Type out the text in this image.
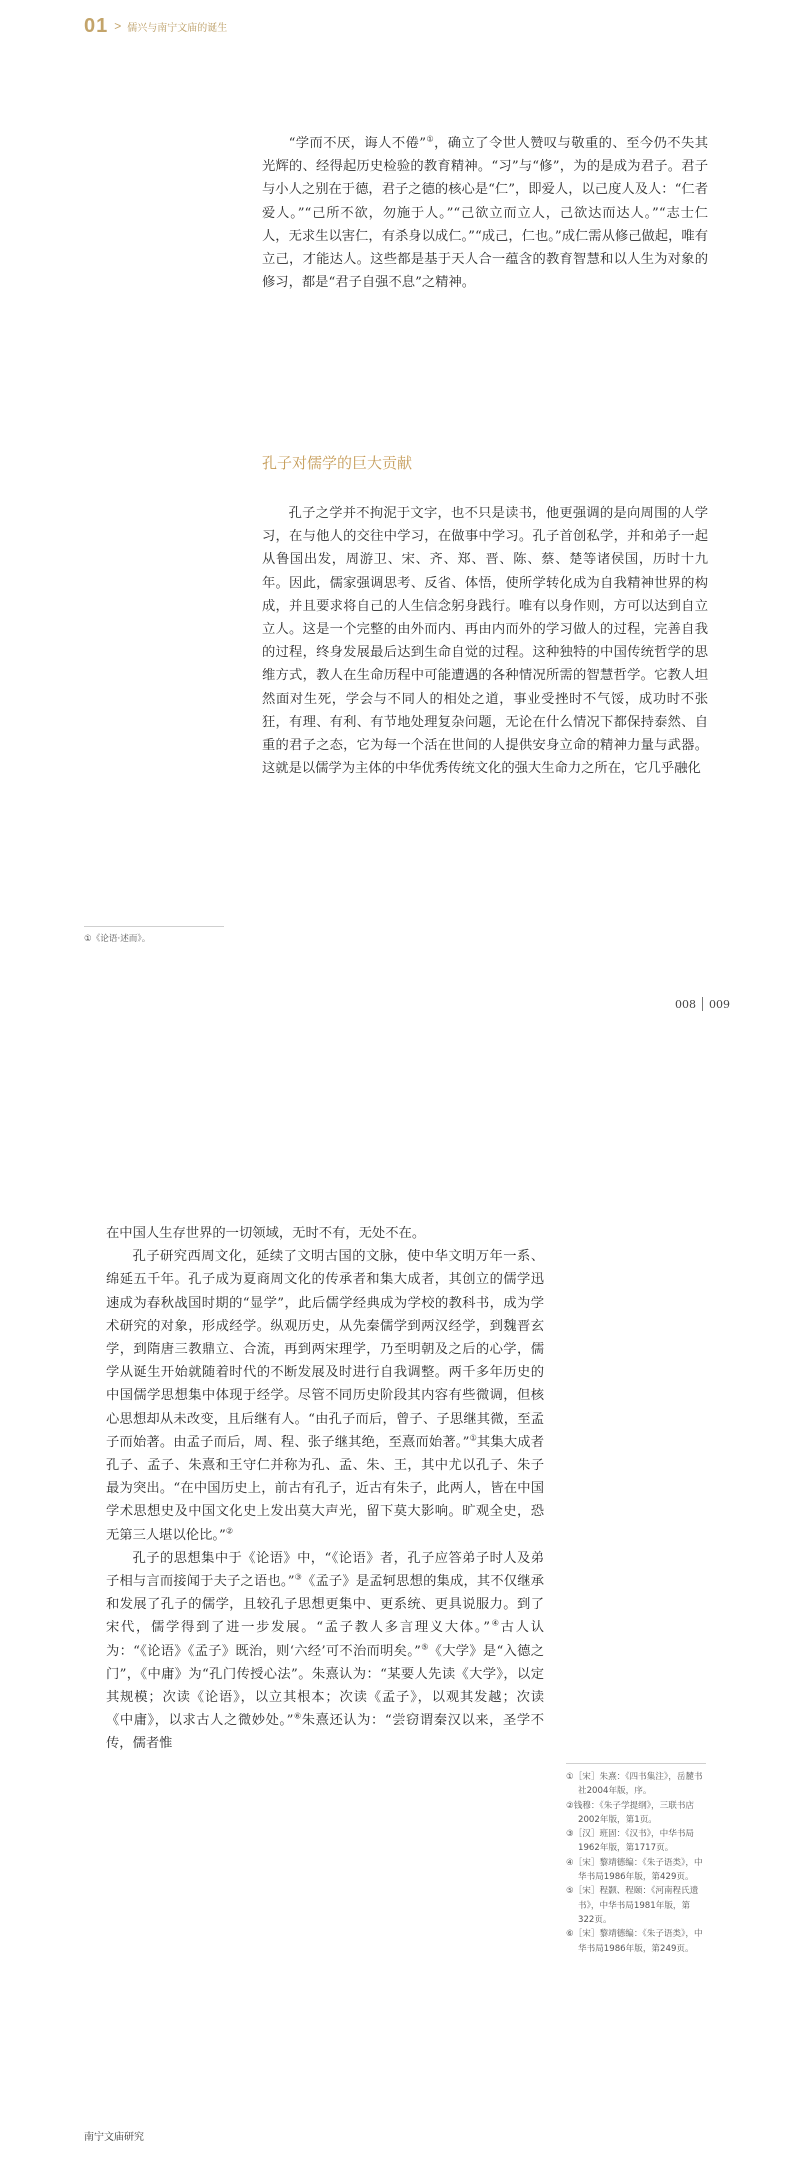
01 > 儒兴与南宁文庙的诞生

“学而不厌，诲人不倦”①，确立了令世人赞叹与敬重的、至今仍不失其光辉的、经得起历史检验的教育精神。“习”与“修”，为的是成为君子。君子与小人之别在于德，君子之德的核心是“仁”，即爱人，以己度人及人：“仁者爱人。”“己所不欲，勿施于人。”“己欲立而立人，己欲达而达人。”“志士仁人，无求生以害仁，有杀身以成仁。”“成己，仁也。”成仁需从修己做起，唯有立己，才能达人。这些都是基于天人合一蕴含的教育智慧和以人生为对象的修习，都是“君子自强不息”之精神。

孔子对儒学的巨大贡献

孔子之学并不拘泥于文字，也不只是读书，他更强调的是向周围的人学习，在与他人的交往中学习，在做事中学习。孔子首创私学，并和弟子一起从鲁国出发，周游卫、宋、齐、郑、晋、陈、蔡、楚等诸侯国，历时十九年。因此，儒家强调思考、反省、体悟，使所学转化成为自我精神世界的构成，并且要求将自己的人生信念躬身践行。唯有以身作则，方可以达到自立立人。这是一个完整的由外而内、再由内而外的学习做人的过程，完善自我的过程，终身发展最后达到生命自觉的过程。这种独特的中国传统哲学的思维方式，教人在生命历程中可能遭遇的各种情况所需的智慧哲学。它教人坦然面对生死，学会与不同人的相处之道，事业受挫时不气馁，成功时不张狂，有理、有利、有节地处理复杂问题，无论在什么情况下都保持泰然、自重的君子之态，它为每一个活在世间的人提供安身立命的精神力量与武器。这就是以儒学为主体的中华优秀传统文化的强大生命力之所在，它几乎融化

①《论语·述而》。
008 009

在中国人生存世界的一切领域，无时不有，无处不在。

孔子研究西周文化，延续了文明古国的文脉，使中华文明万年一系、绵延五千年。孔子成为夏商周文化的传承者和集大成者，其创立的儒学迅速成为春秋战国时期的“显学”，此后儒学经典成为学校的教科书，成为学术研究的对象，形成经学。纵观历史，从先秦儒学到两汉经学，到魏晋玄学，到隋唐三教鼎立、合流，再到两宋理学，乃至明朝及之后的心学，儒学从诞生开始就随着时代的不断发展及时进行自我调整。两千多年历史的中国儒学思想集中体现于经学。尽管不同历史阶段其内容有些微调，但核心思想却从未改变，且后继有人。“由孔子而后，曾子、子思继其微，至孟子而始著。由孟子而后，周、程、张子继其绝，至熹而始著。”①其集大成者孔子、孟子、朱熹和王守仁并称为孔、孟、朱、王，其中尤以孔子、朱子最为突出。“在中国历史上，前古有孔子，近古有朱子，此两人，皆在中国学术思想史及中国文化史上发出莫大声光，留下莫大影响。旷观全史，恐无第三人堪以伦比。”②

孔子的思想集中于《论语》中，“《论语》者，孔子应答弟子时人及弟子相与言而接闻于夫子之语也。”③《孟子》是孟轲思想的集成，其不仅继承和发展了孔子的儒学，且较孔子思想更集中、更系统、更具说服力。到了宋代，儒学得到了进一步发展。“孟子教人多言理义大体。”④古人认为：“《论语》《孟子》既治，则‘六经’可不治而明矣。”⑤《大学》是“入德之门”，《中庸》为“孔门传授心法”。朱熹认为：“某要人先读《大学》，以定其规模；次读《论语》，以立其根本；次读《孟子》，以观其发越；次读《中庸》，以求古人之微妙处。”⑥朱熹还认为：“尝窃谓秦汉以来，圣学不传，儒者惟

①［宋］朱熹：《四书集注》，岳麓书社2004年版，序。
②钱穆：《朱子学提纲》，三联书店2002年版，第1页。
③［汉］班固：《汉书》，中华书局1962年版，第1717页。
④［宋］黎靖德编：《朱子语类》，中华书局1986年版，第429页。
⑤［宋］程颢、程颐：《河南程氏遗书》，中华书局1981年版，第322页。
⑥［宋］黎靖德编：《朱子语类》，中华书局1986年版，第249页。
南宁文庙研究
